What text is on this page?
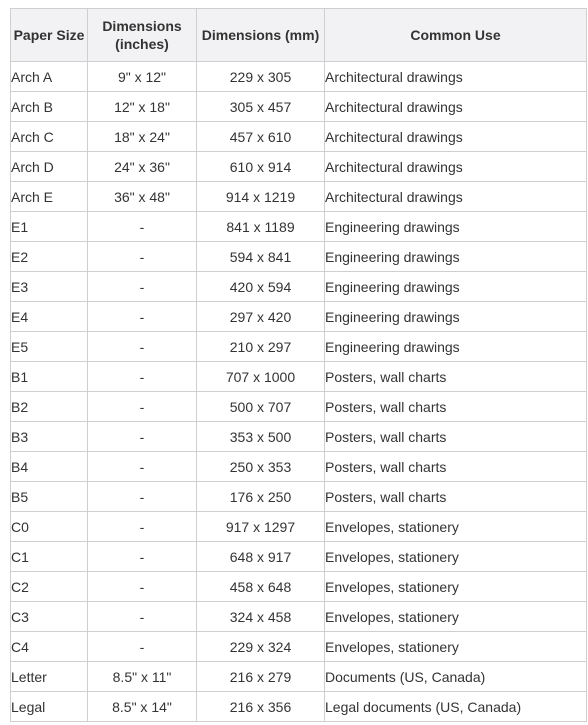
Paper Size	Dimensions (inches)	Dimensions (mm)	Common Use
Arch A	9" x 12"	229 x 305	Architectural drawings
Arch B	12" x 18"	305 x 457	Architectural drawings
Arch C	18" x 24"	457 x 610	Architectural drawings
Arch D	24" x 36"	610 x 914	Architectural drawings
Arch E	36" x 48"	914 x 1219	Architectural drawings
E1	-	841 x 1189	Engineering drawings
E2	-	594 x 841	Engineering drawings
E3	-	420 x 594	Engineering drawings
E4	-	297 x 420	Engineering drawings
E5	-	210 x 297	Engineering drawings
B1	-	707 x 1000	Posters, wall charts
B2	-	500 x 707	Posters, wall charts
B3	-	353 x 500	Posters, wall charts
B4	-	250 x 353	Posters, wall charts
B5	-	176 x 250	Posters, wall charts
C0	-	917 x 1297	Envelopes, stationery
C1	-	648 x 917	Envelopes, stationery
C2	-	458 x 648	Envelopes, stationery
C3	-	324 x 458	Envelopes, stationery
C4	-	229 x 324	Envelopes, stationery
Letter	8.5" x 11"	216 x 279	Documents (US, Canada)
Legal	8.5" x 14"	216 x 356	Legal documents (US, Canada)
